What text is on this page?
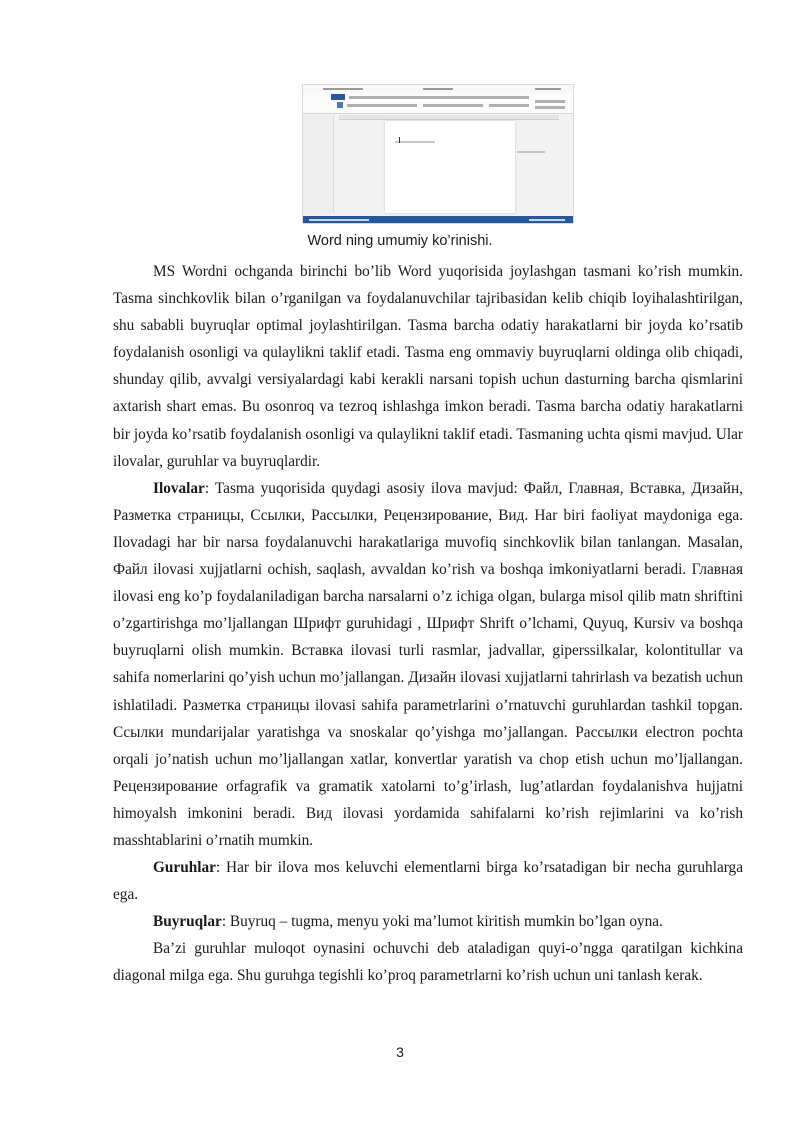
Word ning umumiy ko’rinishi.

MS Wordni ochganda birinchi bo’lib Word yuqorisida joylashgan tasmani ko’rish mumkin. Tasma sinchkovlik bilan o’rganilgan va foydalanuvchilar tajribasidan kelib chiqib loyihalashtirilgan, shu sababli buyruqlar optimal joylashtirilgan. Tasma barcha odatiy harakatlarni bir joyda ko’rsatib foydalanish osonligi va qulaylikni taklif etadi. Tasma eng ommaviy buyruqlarni oldinga olib chiqadi, shunday qilib, avvalgi versiyalardagi kabi kerakli narsani topish uchun dasturning barcha qismlarini axtarish shart emas. Bu osonroq va tezroq ishlashga imkon beradi. Tasma barcha odatiy harakatlarni bir joyda ko’rsatib foydalanish osonligi va qulaylikni taklif etadi. Tasmaning uchta qismi mavjud. Ular ilovalar, guruhlar va buyruqlardir.

Ilovalar: Tasma yuqorisida quydagi asosiy ilova mavjud: Файл, Главная, Вставка, Дизайн, Разметка страницы, Ссылки, Рассылки, Рецензирование, Вид. Har biri faoliyat maydoniga ega. Ilovadagi har bir narsa foydalanuvchi harakatlariga muvofiq sinchkovlik bilan tanlangan. Masalan, Файл ilovasi xujjatlarni ochish, saqlash, avvaldan ko’rish va boshqa imkoniyatlarni beradi. Главная ilovasi eng ko’p foydalaniladigan barcha narsalarni o’z ichiga olgan, bularga misol qilib matn shriftini o’zgartirishga mo’ljallangan Шрифт guruhidagi , Шрифт Shrift o’lchami, Quyuq, Kursiv va boshqa buyruqlarni olish mumkin. Вставка ilovasi turli rasmlar, jadvallar, giperssilkalar, kolontitullar va sahifa nomerlarini qo’yish uchun mo’jallangan. Дизайн ilovasi xujjatlarni tahrirlash va bezatish uchun ishlatiladi. Разметка страницы ilovasi sahifa parametrlarini o’rnatuvchi guruhlardan tashkil topgan. Ссылки mundarijalar yaratishga va snoskalar qo’yishga mo’jallangan. Рассылки electron pochta orqali jo’natish uchun mo’ljallangan xatlar, konvertlar yaratish va chop etish uchun mo’ljallangan. Рецензирование orfagrafik va gramatik xatolarni to’g’irlash, lug’atlardan foydalanishva hujjatni himoyalsh imkonini beradi. Вид ilovasi yordamida sahifalarni ko’rish rejimlarini va ko’rish masshtablarini o’rnatih mumkin.

Guruhlar: Har bir ilova mos keluvchi elementlarni birga ko’rsatadigan bir necha guruhlarga ega.

Buyruqlar: Buyruq – tugma, menyu yoki ma’lumot kiritish mumkin bo’lgan oyna.

Ba’zi guruhlar muloqot oynasini ochuvchi deb ataladigan quyi-o’ngga qaratilgan kichkina diagonal milga ega. Shu guruhga tegishli ko’proq parametrlarni ko’rish uchun uni tanlash kerak.

3
